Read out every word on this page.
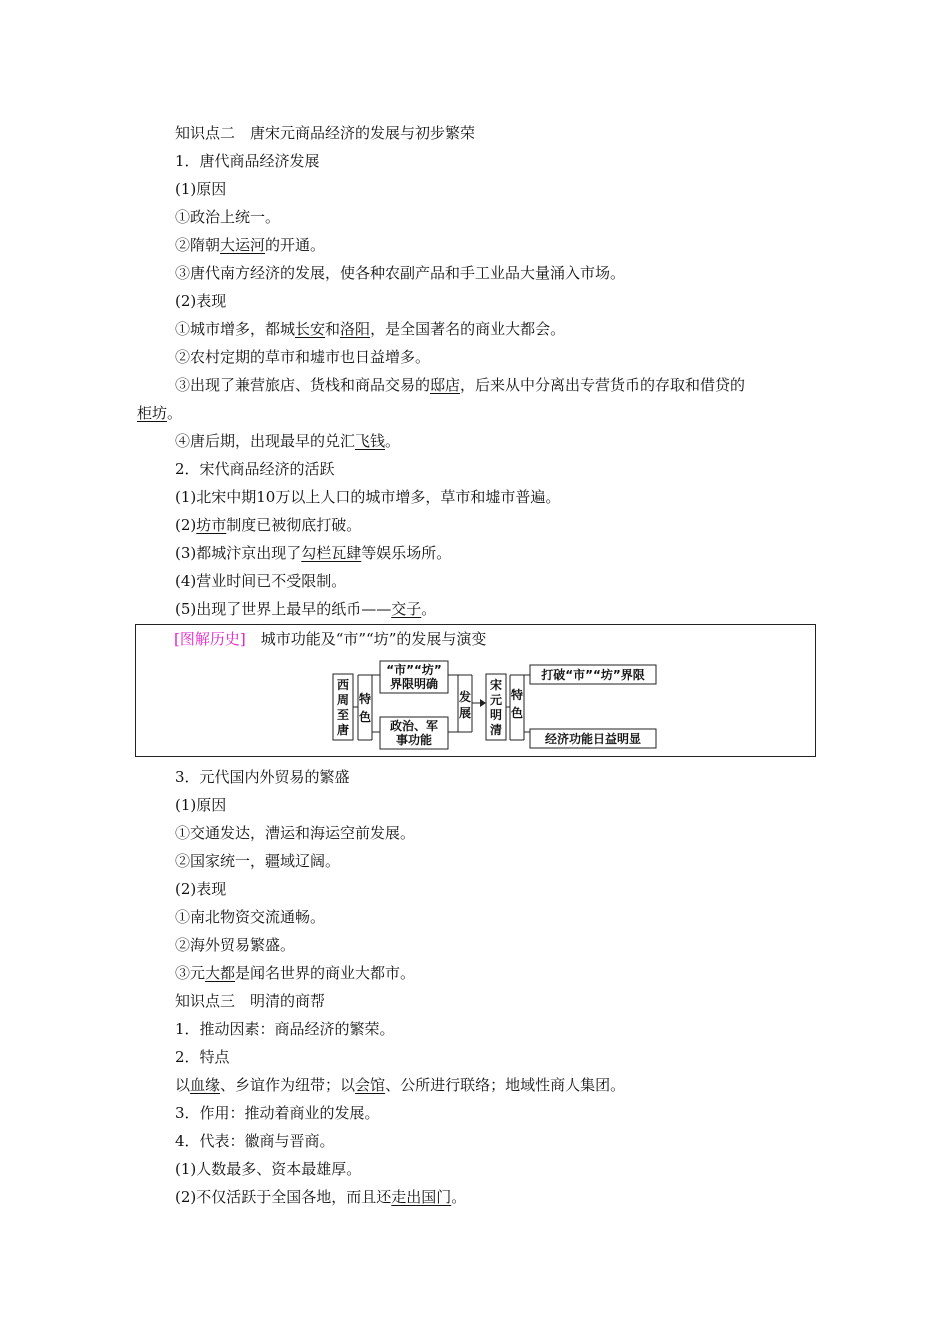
知识点二　唐宋元商品经济的发展与初步繁荣
1．唐代商品经济发展
(1)原因
①政治上统一。
②隋朝大运河的开通。
③唐代南方经济的发展，使各种农副产品和手工业品大量涌入市场。
(2)表现
①城市增多，都城长安和洛阳，是全国著名的商业大都会。
②农村定期的草市和墟市也日益增多。
③出现了兼营旅店、货栈和商品交易的邸店，后来从中分离出专营货币的存取和借贷的
柜坊。
④唐后期，出现最早的兑汇飞钱。
2．宋代商品经济的活跃
(1)北宋中期10万以上人口的城市增多，草市和墟市普遍。
(2)坊市制度已被彻底打破。
(3)都城汴京出现了勾栏瓦肆等娱乐场所。
(4)营业时间已不受限制。
(5)出现了世界上最早的纸币——交子。
[图解历史]　城市功能及“市”“坊”的发展与演变
西
周
至
唐
特
色
“市”“坊”
界限明确
政治、军
事功能
发
展
宋
元
明
清
特
色
打破“市”“坊”界限
经济功能日益明显
3．元代国内外贸易的繁盛
(1)原因
①交通发达，漕运和海运空前发展。
②国家统一，疆域辽阔。
(2)表现
①南北物资交流通畅。
②海外贸易繁盛。
③元大都是闻名世界的商业大都市。
知识点三　明清的商帮
1．推动因素：商品经济的繁荣。
2．特点
以血缘、乡谊作为纽带；以会馆、公所进行联络；地域性商人集团。
3．作用：推动着商业的发展。
4．代表：徽商与晋商。
(1)人数最多、资本最雄厚。
(2)不仅活跃于全国各地，而且还走出国门。
